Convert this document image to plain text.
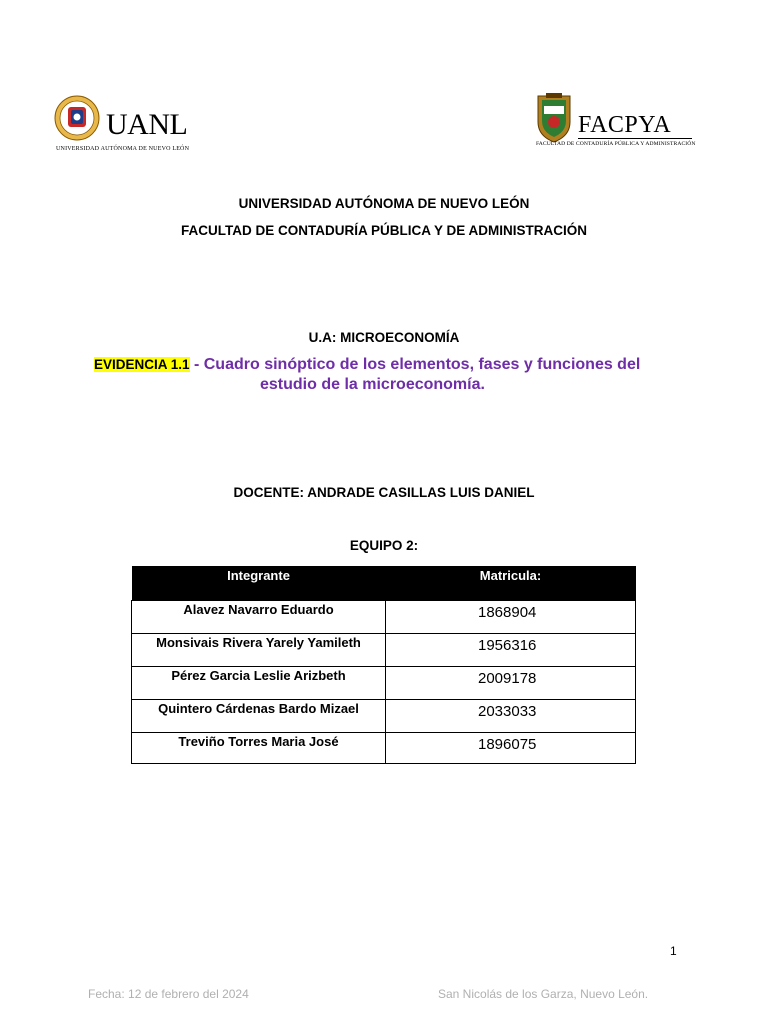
UANL
UNIVERSIDAD AUTÓNOMA DE NUEVO LEÓN
FACPYA
FACULTAD DE CONTADURÍA PÚBLICA Y ADMINISTRACIÓN
UNIVERSIDAD AUTÓNOMA DE NUEVO LEÓN
FACULTAD DE CONTADURÍA PÚBLICA Y DE ADMINISTRACIÓN
U.A: MICROECONOMÍA
EVIDENCIA 1.1 - Cuadro sinóptico de los elementos, fases y funciones del
estudio de la microeconomía.
DOCENTE: ANDRADE CASILLAS LUIS DANIEL
EQUIPO 2:
Integrante	Matricula:
Alavez Navarro Eduardo	1868904
Monsivais Rivera Yarely Yamileth	1956316
Pérez Garcia Leslie Arizbeth	2009178
Quintero Cárdenas Bardo Mizael	2033033
Treviño Torres Maria José	1896075
1
Fecha: 12 de febrero del 2024	San Nicolás de los Garza, Nuevo León.
